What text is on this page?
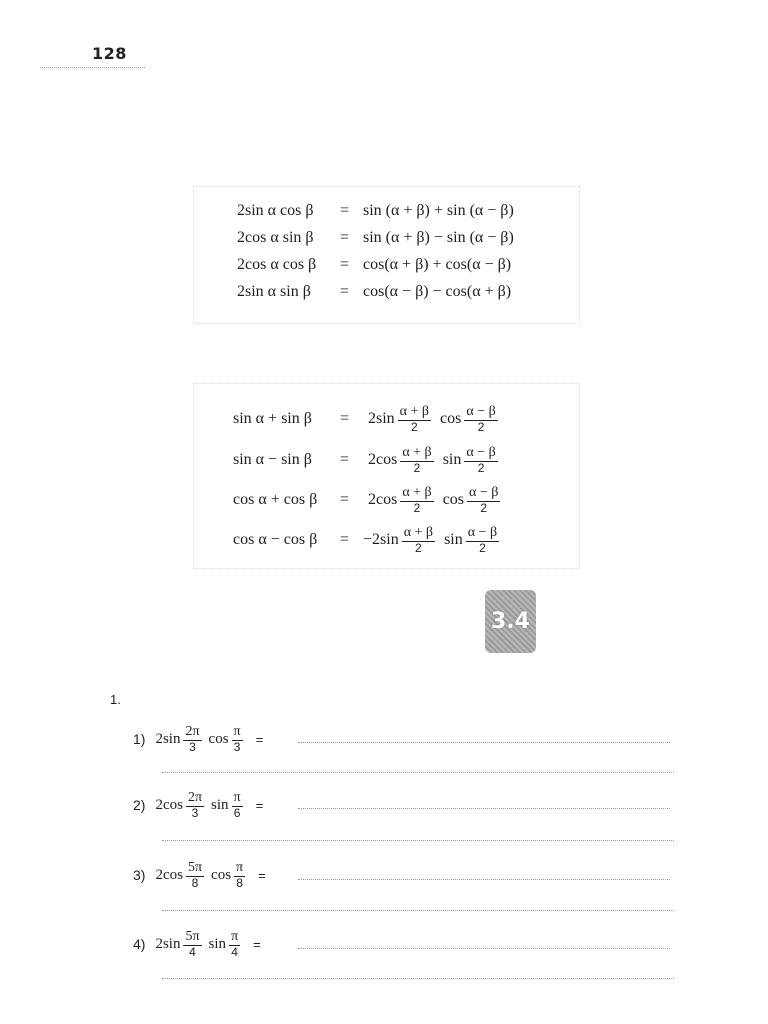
128
2sin α cos β = sin (α + β) + sin (α − β)
2cos α sin β = sin (α + β) − sin (α − β)
2cos α cos β = cos(α + β) + cos(α − β)
2sin α sin β = cos(α − β) − cos(α + β)
$\sin \alpha + \sin \beta = 2\sin \frac{\alpha + \beta}{2}$ $\cos \frac{\alpha - \beta}{2}$
$\sin \alpha - \sin \beta = 2\cos \frac{\alpha + \beta}{2}$ $\sin \frac{\alpha - \beta}{2}$
$\cos \alpha + \cos \beta = 2\cos \frac{\alpha + \beta}{2}$ $\cos \frac{\alpha - \beta}{2}$
$\cos \alpha - \cos \beta = -2\sin \frac{\alpha + \beta}{2}$ $\sin \frac{\alpha - \beta}{2}$
3.4
1.
1) $2\sin \frac{2\pi}{3}$ $\cos \frac{\pi}{3}$ =
2) $2\cos \frac{2\pi}{3}$ $\sin \frac{\pi}{6}$ =
3) $2\cos \frac{5\pi}{8}$ $\cos \frac{\pi}{8}$ =
4) $2\sin \frac{5\pi}{4}$ $\sin \frac{\pi}{4}$ =
